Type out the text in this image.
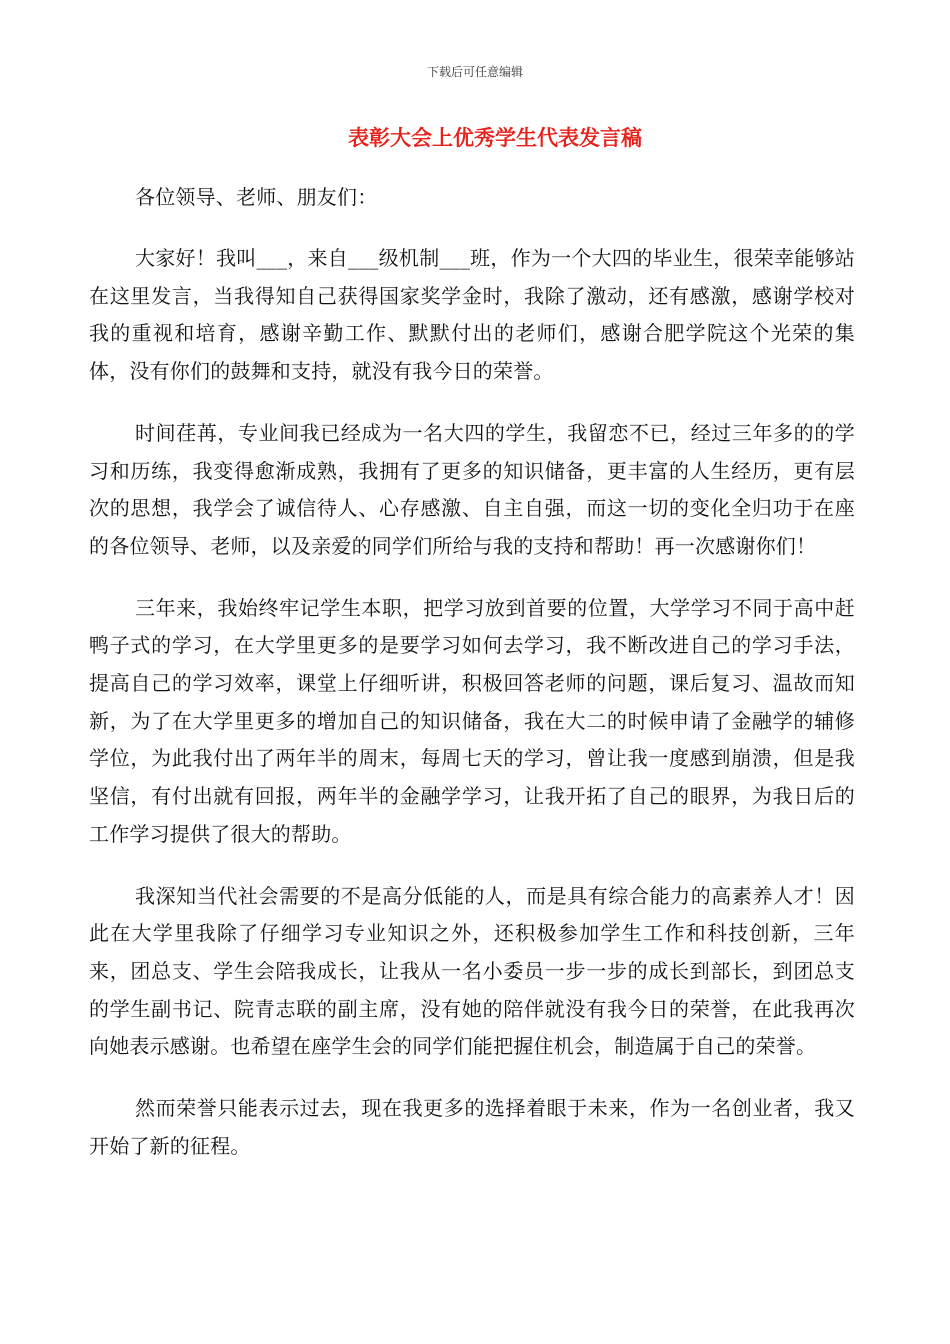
下载后可任意编辑
表彰大会上优秀学生代表发言稿

各位领导、老师、朋友们：

大家好！我叫___，来自___级机制___班，作为一个大四的毕业生，很荣幸能够站在这里发言，当我得知自己获得国家奖学金时，我除了激动，还有感激，感谢学校对我的重视和培育，感谢辛勤工作、默默付出的老师们，感谢合肥学院这个光荣的集体，没有你们的鼓舞和支持，就没有我今日的荣誉。

时间荏苒，专业间我已经成为一名大四的学生，我留恋不已，经过三年多的的学习和历练，我变得愈渐成熟，我拥有了更多的知识储备，更丰富的人生经历，更有层次的思想，我学会了诚信待人、心存感激、自主自强，而这一切的变化全归功于在座的各位领导、老师，以及亲爱的同学们所给与我的支持和帮助！再一次感谢你们！

三年来，我始终牢记学生本职，把学习放到首要的位置，大学学习不同于高中赶鸭子式的学习，在大学里更多的是要学习如何去学习，我不断改进自己的学习手法，提高自己的学习效率，课堂上仔细听讲，积极回答老师的问题，课后复习、温故而知新，为了在大学里更多的增加自己的知识储备，我在大二的时候申请了金融学的辅修学位，为此我付出了两年半的周末，每周七天的学习，曾让我一度感到崩溃，但是我坚信，有付出就有回报，两年半的金融学学习，让我开拓了自己的眼界，为我日后的工作学习提供了很大的帮助。

我深知当代社会需要的不是高分低能的人，而是具有综合能力的高素养人才！因此在大学里我除了仔细学习专业知识之外，还积极参加学生工作和科技创新，三年来，团总支、学生会陪我成长，让我从一名小委员一步一步的成长到部长，到团总支的学生副书记、院青志联的副主席，没有她的陪伴就没有我今日的荣誉，在此我再次向她表示感谢。也希望在座学生会的同学们能把握住机会，制造属于自己的荣誉。

然而荣誉只能表示过去，现在我更多的选择着眼于未来，作为一名创业者，我又开始了新的征程。
